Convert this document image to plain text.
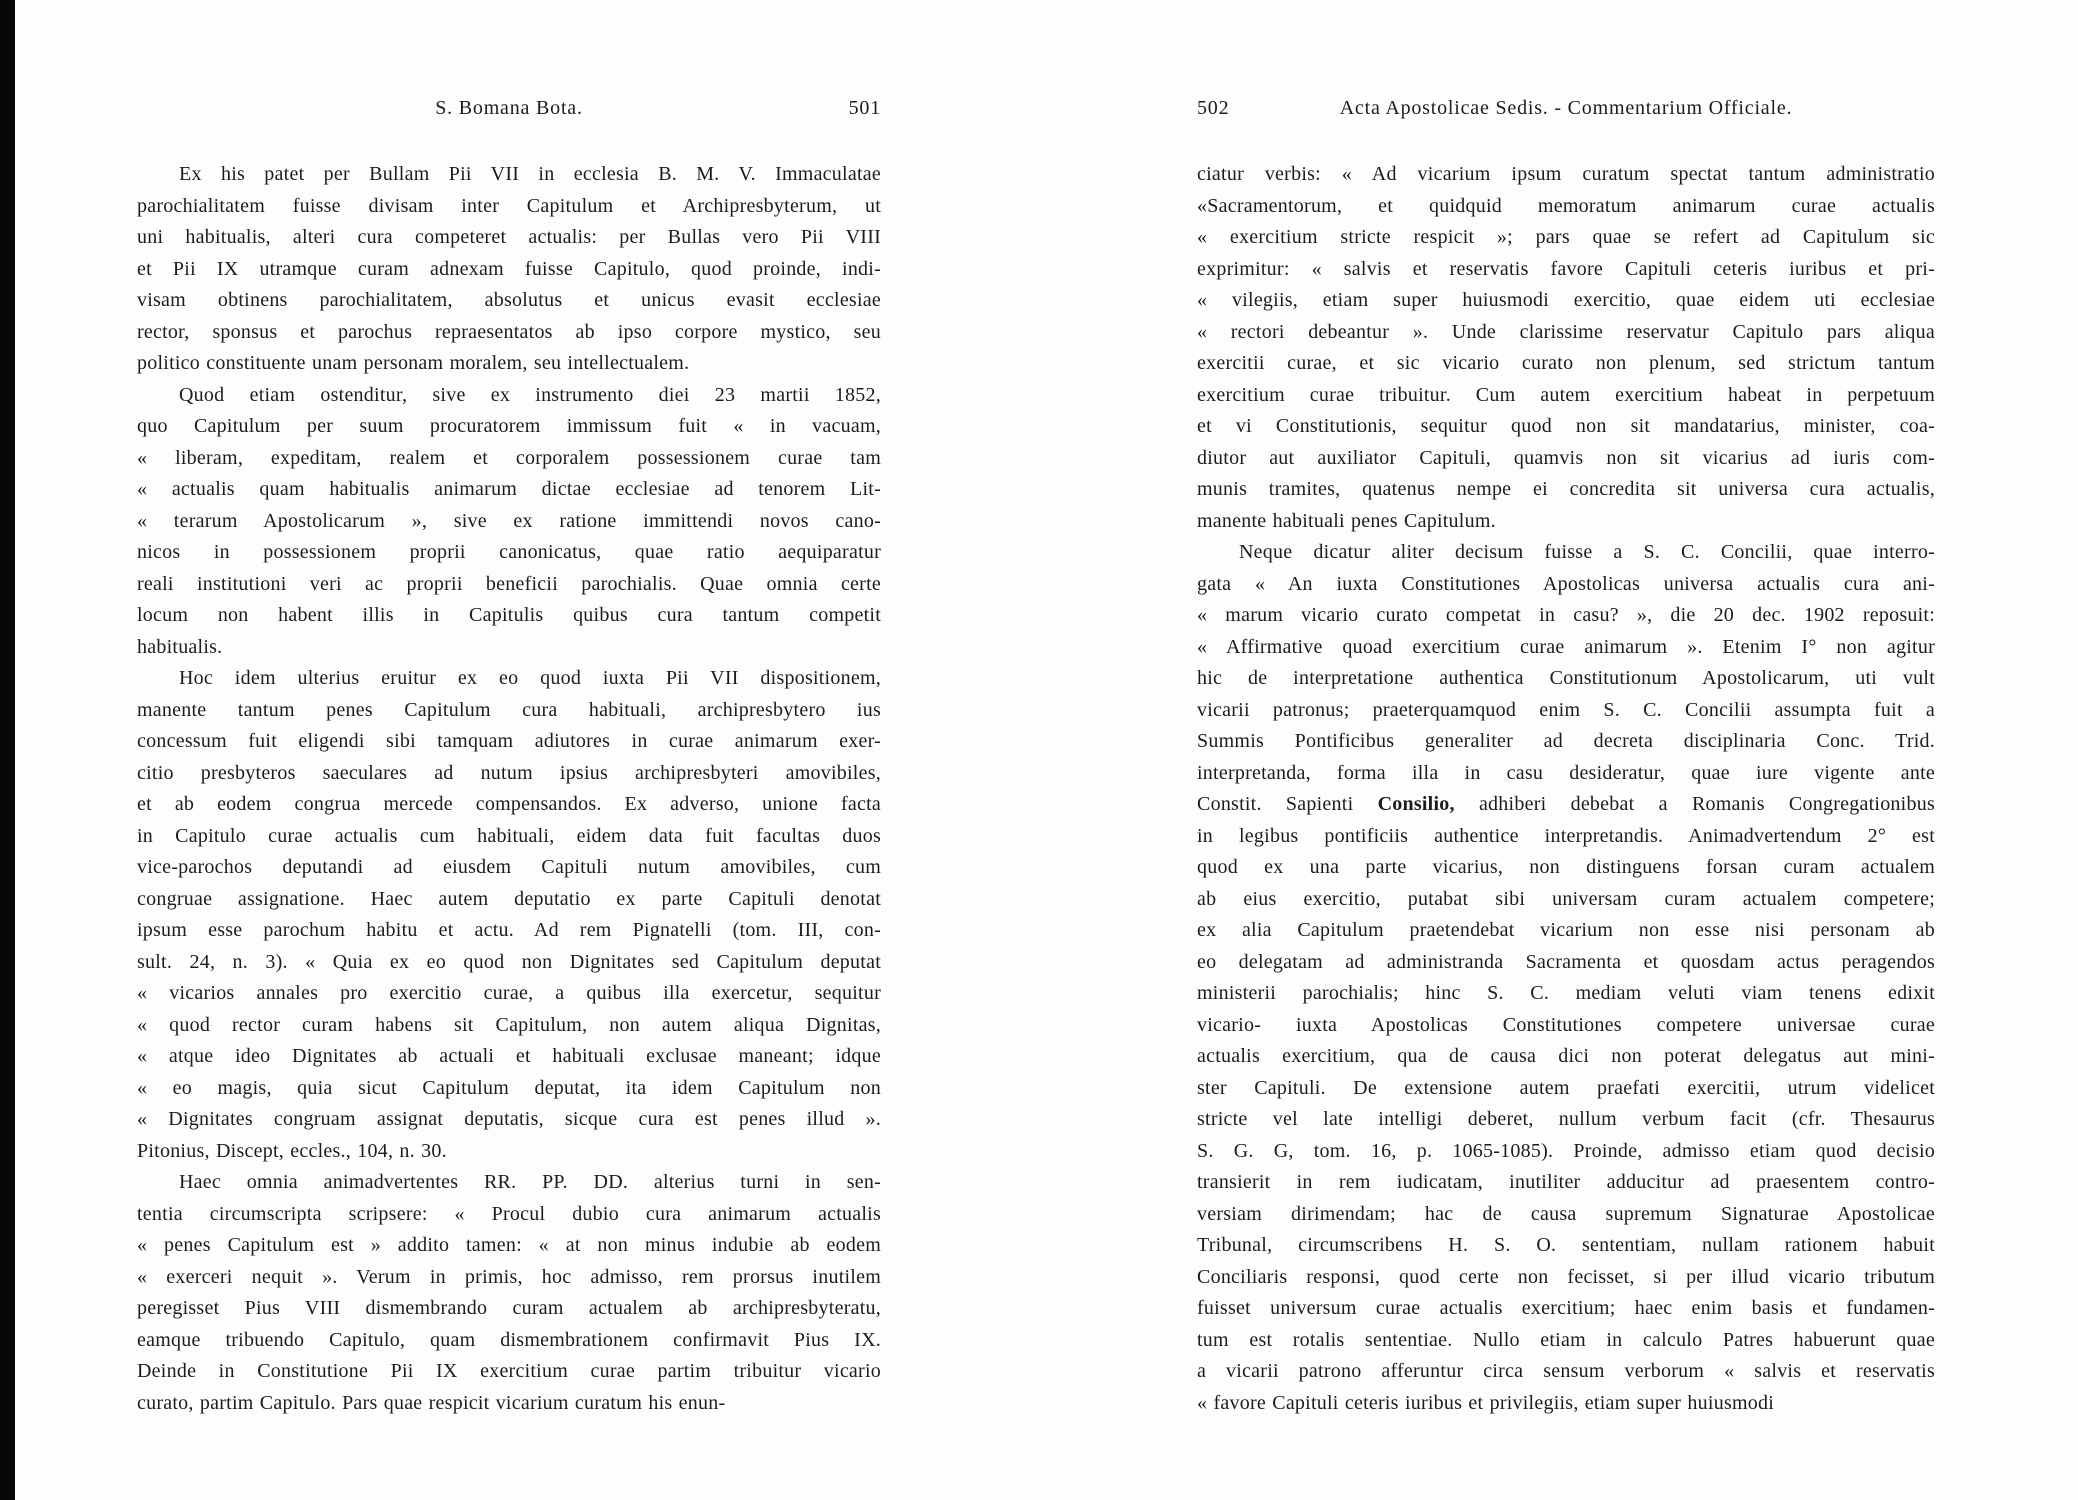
S. Bomana Bota.	501
Ex his patet per Bullam Pii VII in ecclesia B. M. V. Immaculatae
parochialitatem fuisse divisam inter Capitulum et Archipresbyterum, ut
uni habitualis, alteri cura competeret actualis: per Bullas vero Pii VIII
et Pii IX utramque curam adnexam fuisse Capitulo, quod proinde, indi-
visam obtinens parochialitatem, absolutus et unicus evasit ecclesiae
rector, sponsus et parochus repraesentatos ab ipso corpore mystico, seu
politico constituente unam personam moralem, seu intellectualem.
Quod etiam ostenditur, sive ex instrumento diei 23 martii 1852,
quo Capitulum per suum procuratorem immissum fuit « in vacuam,
« liberam, expeditam, realem et corporalem possessionem curae tam
« actualis quam habitualis animarum dictae ecclesiae ad tenorem Lit-
« terarum Apostolicarum », sive ex ratione immittendi novos cano-
nicos in possessionem proprii canonicatus, quae ratio aequiparatur
reali institutioni veri ac proprii beneficii parochialis. Quae omnia certe
locum non habent illis in Capitulis quibus cura tantum competit
habitualis.
Hoc idem ulterius eruitur ex eo quod iuxta Pii VII dispositionem,
manente tantum penes Capitulum cura habituali, archipresbytero ius
concessum fuit eligendi sibi tamquam adiutores in curae animarum exer-
citio presbyteros saeculares ad nutum ipsius archipresbyteri amovibiles,
et ab eodem congrua mercede compensandos. Ex adverso, unione facta
in Capitulo curae actualis cum habituali, eidem data fuit facultas duos
vice-parochos deputandi ad eiusdem Capituli nutum amovibiles, cum
congruae assignatione. Haec autem deputatio ex parte Capituli denotat
ipsum esse parochum habitu et actu. Ad rem Pignatelli (tom. III, con-
sult. 24, n. 3). « Quia ex eo quod non Dignitates sed Capitulum deputat
« vicarios annales pro exercitio curae, a quibus illa exercetur, sequitur
« quod rector curam habens sit Capitulum, non autem aliqua Dignitas,
« atque ideo Dignitates ab actuali et habituali exclusae maneant; idque
« eo magis, quia sicut Capitulum deputat, ita idem Capitulum non
« Dignitates congruam assignat deputatis, sicque cura est penes illud ».
Pitonius, Discept, eccles., 104, n. 30.
Haec omnia animadvertentes RR. PP. DD. alterius turni in sen-
tentia circumscripta scripsere: « Procul dubio cura animarum actualis
« penes Capitulum est » addito tamen: « at non minus indubie ab eodem
« exerceri nequit ». Verum in primis, hoc admisso, rem prorsus inutilem
peregisset Pius VIII dismembrando curam actualem ab archipresbyteratu,
eamque tribuendo Capitulo, quam dismembrationem confirmavit Pius IX.
Deinde in Constitutione Pii IX exercitium curae partim tribuitur vicario
curato, partim Capitulo. Pars quae respicit vicarium curatum his enun-
502	Acta Apostolicae Sedis. - Commentarium Officiale.
ciatur verbis: « Ad vicarium ipsum curatum spectat tantum administratio
«Sacramentorum, et quidquid memoratum animarum curae actualis
« exercitium stricte respicit »; pars quae se refert ad Capitulum sic
exprimitur: « salvis et reservatis favore Capituli ceteris iuribus et pri-
« vilegiis, etiam super huiusmodi exercitio, quae eidem uti ecclesiae
« rectori debeantur ». Unde clarissime reservatur Capitulo pars aliqua
exercitii curae, et sic vicario curato non plenum, sed strictum tantum
exercitium curae tribuitur. Cum autem exercitium habeat in perpetuum
et vi Constitutionis, sequitur quod non sit mandatarius, minister, coa-
diutor aut auxiliator Capituli, quamvis non sit vicarius ad iuris com-
munis tramites, quatenus nempe ei concredita sit universa cura actualis,
manente habituali penes Capitulum.
Neque dicatur aliter decisum fuisse a S. C. Concilii, quae interro-
gata « An iuxta Constitutiones Apostolicas universa actualis cura ani-
« marum vicario curato competat in casu? », die 20 dec. 1902 reposuit:
« Affirmative quoad exercitium curae animarum ». Etenim I° non agitur
hic de interpretatione authentica Constitutionum Apostolicarum, uti vult
vicarii patronus; praeterquamquod enim S. C. Concilii assumpta fuit a
Summis Pontificibus generaliter ad decreta disciplinaria Conc. Trid.
interpretanda, forma illa in casu desideratur, quae iure vigente ante
Constit. Sapienti Consilio, adhiberi debebat a Romanis Congregationibus
in legibus pontificiis authentice interpretandis. Animadvertendum 2° est
quod ex una parte vicarius, non distinguens forsan curam actualem
ab eius exercitio, putabat sibi universam curam actualem competere;
ex alia Capitulum praetendebat vicarium non esse nisi personam ab
eo delegatam ad administranda Sacramenta et quosdam actus peragendos
ministerii parochialis; hinc S. C. mediam veluti viam tenens edixit
vicario- iuxta Apostolicas Constitutiones competere universae curae
actualis exercitium, qua de causa dici non poterat delegatus aut mini-
ster Capituli. De extensione autem praefati exercitii, utrum videlicet
stricte vel late intelligi deberet, nullum verbum facit (cfr. Thesaurus
S. G. G, tom. 16, p. 1065-1085). Proinde, admisso etiam quod decisio
transierit in rem iudicatam, inutiliter adducitur ad praesentem contro-
versiam dirimendam; hac de causa supremum Signaturae Apostolicae
Tribunal, circumscribens H. S. O. sententiam, nullam rationem habuit
Conciliaris responsi, quod certe non fecisset, si per illud vicario tributum
fuisset universum curae actualis exercitium; haec enim basis et fundamen-
tum est rotalis sententiae. Nullo etiam in calculo Patres habuerunt quae
a vicarii patrono afferuntur circa sensum verborum « salvis et reservatis
« favore Capituli ceteris iuribus et privilegiis, etiam super huiusmodi
